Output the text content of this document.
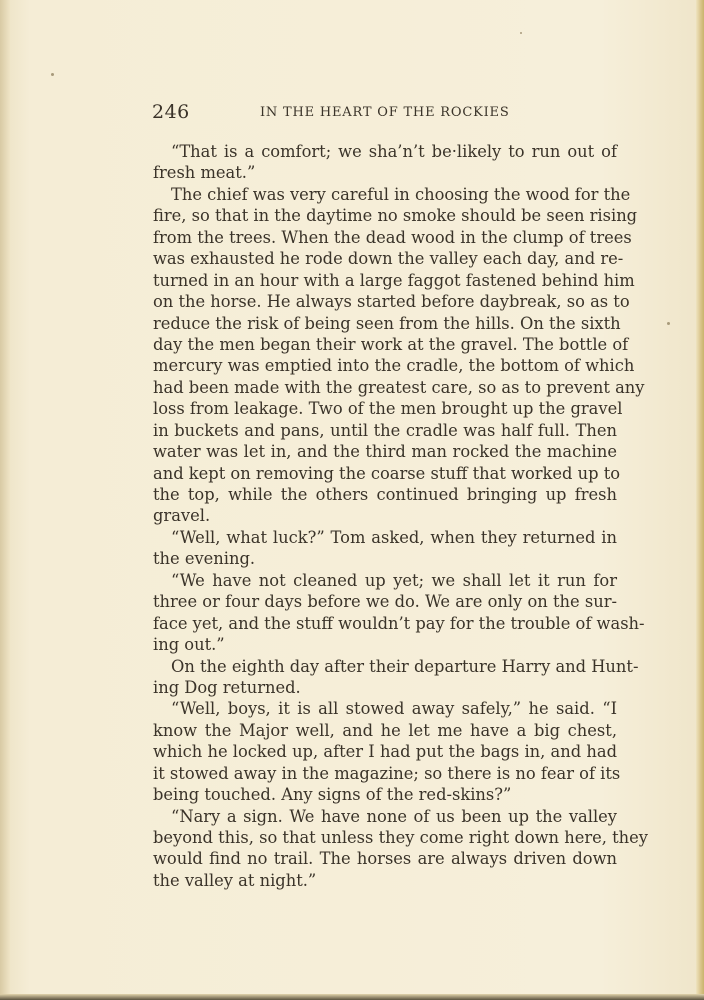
246	IN THE HEART OF THE ROCKIES
“That is a comfort; we sha’n’t be·likely to run out of
fresh meat.”
The chief was very careful in choosing the wood for the
fire, so that in the daytime no smoke should be seen rising
from the trees. When the dead wood in the clump of trees
was exhausted he rode down the valley each day, and re-
turned in an hour with a large faggot fastened behind him
on the horse. He always started before daybreak, so as to
reduce the risk of being seen from the hills. On the sixth
day the men began their work at the gravel. The bottle of
mercury was emptied into the cradle, the bottom of which
had been made with the greatest care, so as to prevent any
loss from leakage. Two of the men brought up the gravel
in buckets and pans, until the cradle was half full. Then
water was let in, and the third man rocked the machine
and kept on removing the coarse stuff that worked up to
the top, while the others continued bringing up fresh
gravel.
“Well, what luck?” Tom asked, when they returned in
the evening.
“We have not cleaned up yet; we shall let it run for
three or four days before we do. We are only on the sur-
face yet, and the stuff wouldn’t pay for the trouble of wash-
ing out.”
On the eighth day after their departure Harry and Hunt-
ing Dog returned.
“Well, boys, it is all stowed away safely,” he said. “I
know the Major well, and he let me have a big chest,
which he locked up, after I had put the bags in, and had
it stowed away in the magazine; so there is no fear of its
being touched. Any signs of the red-skins?”
“Nary a sign. We have none of us been up the valley
beyond this, so that unless they come right down here, they
would find no trail. The horses are always driven down
the valley at night.”
